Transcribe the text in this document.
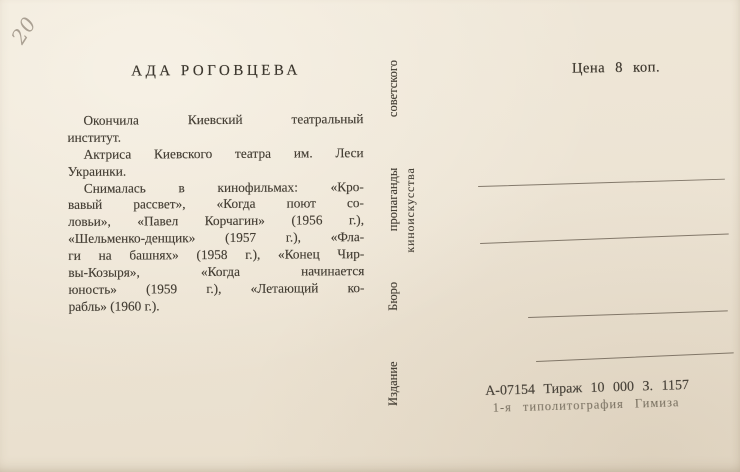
20
АДА РОГОВЦЕВА
Окончила Киевский театральный
институт.
Актриса Киевского театра им. Леси
Украинки.
Снималась в кинофильмах: «Кро-
вавый рассвет», «Когда поют со-
ловьи», «Павел Корчагин» (1956 г.),
«Шельменко-денщик» (1957 г.), «Фла-
ги на башнях» (1958 г.), «Конец Чир-
вы-Козыря», «Когда начинается
юность» (1959 г.), «Летающий ко-
рабль» (1960 г.).
Цена 8 коп.
Издание
Бюро
пропаганды
советского
киноискусства
А-07154 Тираж 10 000 З. 1157
1-я типолитография Гимиза
